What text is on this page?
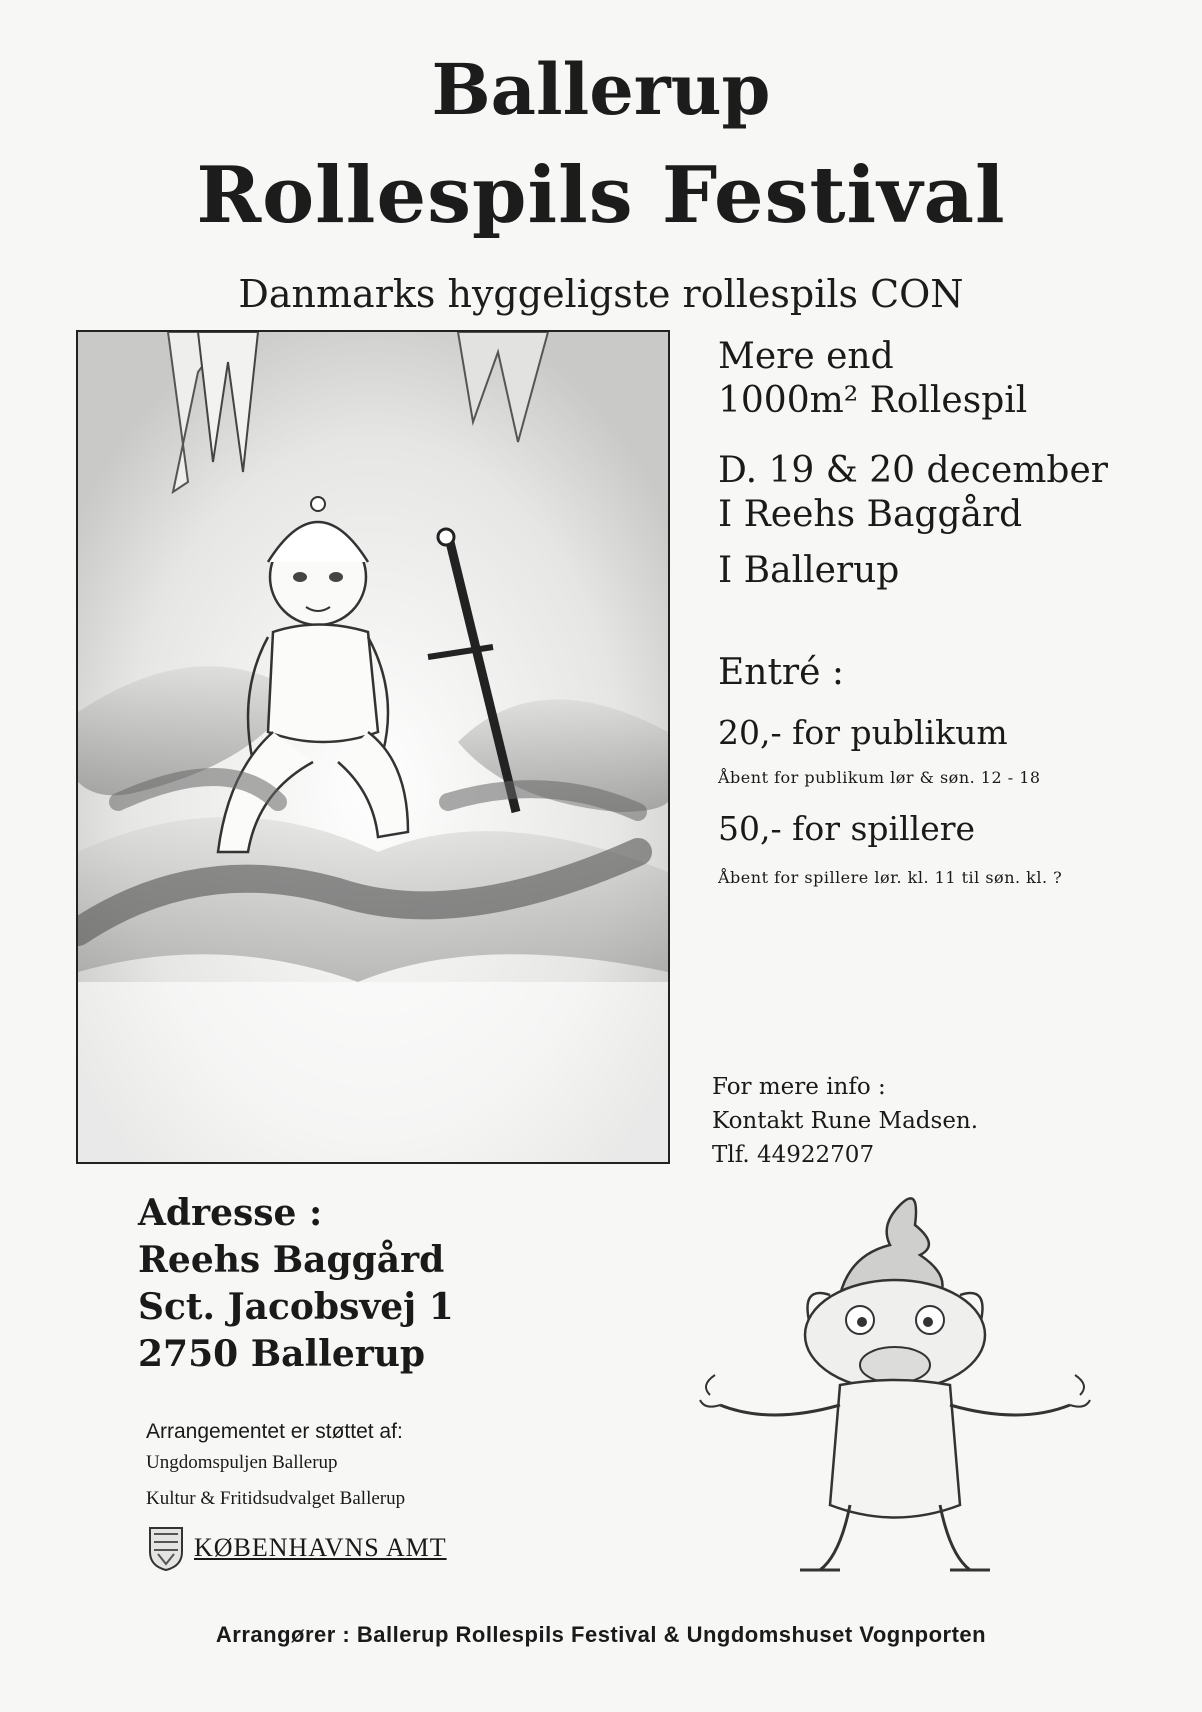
Ballerup
Rollespils Festival
Danmarks hyggeligste rollespils CON
Mere end
1000m² Rollespil
D. 19 & 20 december
I Reehs Baggård
I Ballerup
Entré :
20,- for publikum
Åbent for publikum lør & søn. 12 - 18
50,- for spillere
Åbent for spillere lør. kl. 11 til søn. kl. ?
For mere info :
Kontakt Rune Madsen.
Tlf. 44922707
Adresse :
Reehs Baggård
Sct. Jacobsvej 1
2750 Ballerup
Arrangementet er støttet af:
Ungdomspuljen Ballerup
Kultur & Fritidsudvalget Ballerup
KØBENHAVNS AMT
Arrangører : Ballerup Rollespils Festival & Ungdomshuset Vognporten
